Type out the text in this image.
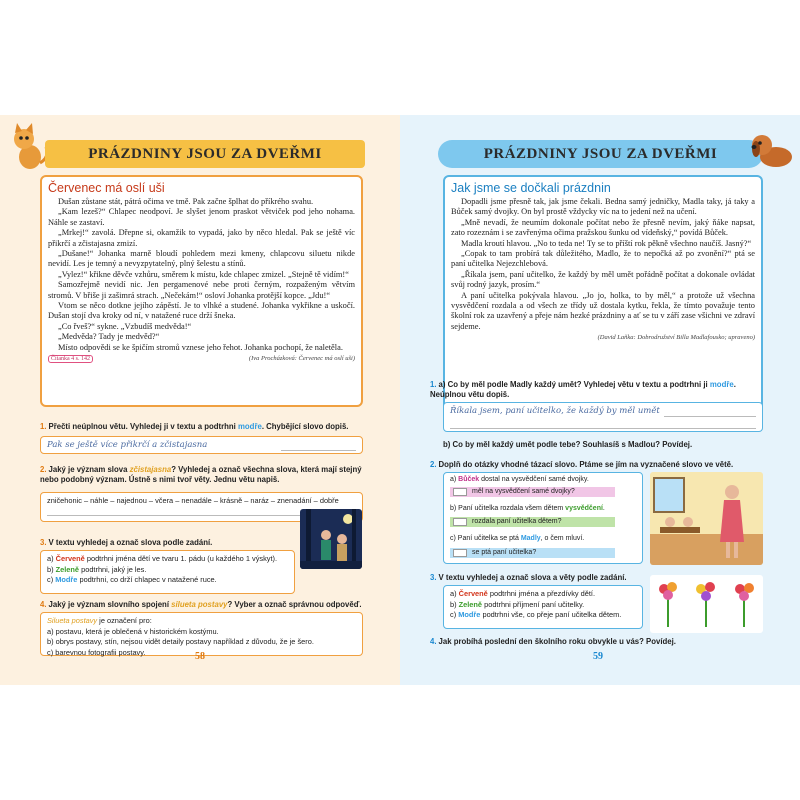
PRÁZDNINY JSOU ZA DVEŘMI
Červenec má oslí uši

Dušan zůstane stát, pátrá očima ve tmě. Pak začne šplhat do příkrého svahu.

„Kam lezeš?“ Chlapec neodpoví. Je slyšet jenom praskot větviček pod jeho nohama. Náhle se zastaví.

„Mrkej!“ zavolá. Dřepne si, okamžik to vypadá, jako by něco hledal. Pak se ještě víc přikrčí a zčistajasna zmizí.

„Dušane!“ Johanka marně bloudí pohledem mezi kmeny, chlapcovu siluetu nikde nevidí. Les je temný a nevyzpytatelný, plný šelestu a stínů.

„Vylez!“ křikne děvče vzhůru, směrem k místu, kde chlapec zmizel. „Stejně tě vidím!“

Samozřejmě nevidí nic. Jen pergamenové nebe proti černým, rozpaženým větvím stromů. V břiše ji zašimrá strach. „Nečekám!“ osloví Johanka protější kopce. „Jdu!“

Vtom se něco dotkne jejího zápěstí. Je to vlhké a studené. Johanka vykřikne a uskočí. Dušan stojí dva kroky od ní, v natažené ruce drží šneka.

„Co řveš?“ sykne. „Vzbudíš medvěda!“

„Medvěda? Tady je medvěd?“

Místo odpovědi se ke špičím stromů vznese jeho řehot. Johanka pochopí, že naletěla.

Čítanka 4 s. 142	(Iva Procházková: Červenec má oslí uši)
1. Přečti neúplnou větu. Vyhledej ji v textu a podtrhni modře. Chybějící slovo dopiš.
Pak se ještě více přikrčí a zčistajasna
2. Jaký je význam slova zčistajasna? Vyhledej a označ všechna slova, která mají stejný nebo podobný význam. Ústně s nimi tvoř věty. Jednu větu napiš.
zničehonic – náhle – najednou – včera – nenadále – krásně – naráz – znenadání – dobře
3. V textu vyhledej a označ slova podle zadání.
a) Červeně podtrhni jména dětí ve tvaru 1. pádu (u každého 1 výskyt).
b) Zeleně podtrhni, jaký je les.
c) Modře podtrhni, co drží chlapec v natažené ruce.
4. Jaký je význam slovního spojení silueta postavy? Vyber a označ správnou odpověď.
Silueta postavy je označení pro:
a) postavu, která je oblečená v historickém kostýmu.
b) obrys postavy, stín, nejsou vidět detaily postavy například z důvodu, že je šero.
c) barevnou fotografii postavy.	58
PRÁZDNINY JSOU ZA DVEŘMI
Jak jsme se dočkali prázdnin

Dopadli jsme přesně tak, jak jsme čekali. Bedna samý jedničky, Madla taky, já taky a Bůček samý dvojky. On byl prostě vždycky víc na to jedení než na učení.

„Mně nevadí, že neumím dokonale počítat nebo že přesně nevím, jaký ňáke napsat, zato rozeznám i se zavřenýma očima pražskou šunku od vídeňský,“ povídá Bůček.

Madla kroutí hlavou. „No to teda ne! Ty se to příští rok pěkně všechno naučíš. Jasný?“

„Copak to tam probírá tak důležitého, Madlo, že to nepočká až po zvonění?“ ptá se paní učitelka Nejezchlebová.

„Říkala jsem, paní učitelko, že každý by měl umět pořádně počítat a dokonale ovládat svůj rodný jazyk, prosím.“

A paní učitelka pokývala hlavou. „Jo jo, holka, to by měl,“ a protože už všechna vysvědčení rozdala a od všech ze třídy už dostala kytku, řekla, že tímto považuje tento školní rok za uzavřený a přeje nám hezké prázdniny a ať se tu v září zase všichni ve zdraví sejdeme.

(David Laňka: Dobrodružství Billa Madlafousko; upraveno)
1. a) Co by měl podle Madly každý umět? Vyhledej větu v textu a podtrhni ji modře. Neúplnou větu dopiš.
Říkala jsem, paní učitelko, že každý by měl umět
b) Co by měl každý umět podle tebe? Souhlasíš s Madlou? Povídej.
2. Doplň do otázky vhodné tázací slovo. Ptáme se jím na vyznačené slovo ve větě.
a) Bůček dostal na vysvědčení samé dvojky.
měl na vysvědčení samé dvojky?
b) Paní učitelka rozdala všem dětem vysvědčení.
rozdala paní učitelka dětem?
c) Paní učitelka se ptá Madly, o čem mluví.
se ptá paní učitelka?
3. V textu vyhledej a označ slova a věty podle zadání.
a) Červeně podtrhni jména a přezdívky dětí.
b) Zeleně podtrhni příjmení paní učitelky.
c) Modře podtrhni vše, co přeje paní učitelka dětem.
4. Jak probíhá poslední den školního roku obvykle u vás? Povídej.
59
